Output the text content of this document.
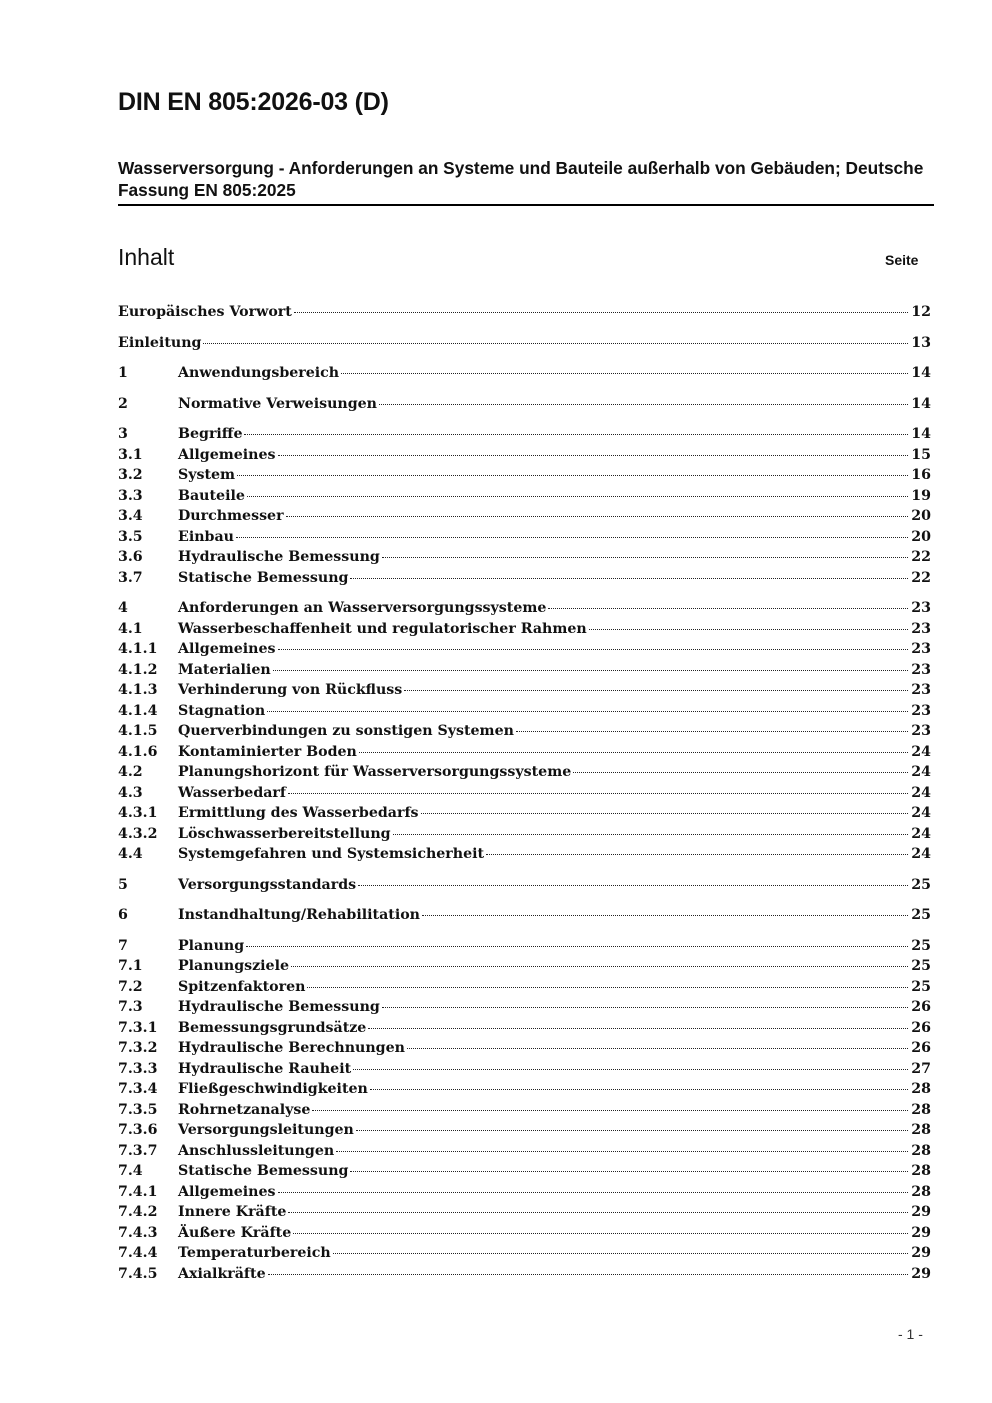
DIN EN 805:2026-03 (D)
Wasserversorgung - Anforderungen an Systeme und Bauteile außerhalb von Gebäuden; Deutsche Fassung EN 805:2025
Inhalt	Seite
Europäisches Vorwort	12
Einleitung	13
1	Anwendungsbereich	14
2	Normative Verweisungen	14
3	Begriffe	14
3.1	Allgemeines	15
3.2	System	16
3.3	Bauteile	19
3.4	Durchmesser	20
3.5	Einbau	20
3.6	Hydraulische Bemessung	22
3.7	Statische Bemessung	22
4	Anforderungen an Wasserversorgungssysteme	23
4.1	Wasserbeschaffenheit und regulatorischer Rahmen	23
4.1.1	Allgemeines	23
4.1.2	Materialien	23
4.1.3	Verhinderung von Rückfluss	23
4.1.4	Stagnation	23
4.1.5	Querverbindungen zu sonstigen Systemen	23
4.1.6	Kontaminierter Boden	24
4.2	Planungshorizont für Wasserversorgungssysteme	24
4.3	Wasserbedarf	24
4.3.1	Ermittlung des Wasserbedarfs	24
4.3.2	Löschwasserbereitstellung	24
4.4	Systemgefahren und Systemsicherheit	24
5	Versorgungsstandards	25
6	Instandhaltung/Rehabilitation	25
7	Planung	25
7.1	Planungsziele	25
7.2	Spitzenfaktoren	25
7.3	Hydraulische Bemessung	26
7.3.1	Bemessungsgrundsätze	26
7.3.2	Hydraulische Berechnungen	26
7.3.3	Hydraulische Rauheit	27
7.3.4	Fließgeschwindigkeiten	28
7.3.5	Rohrnetzanalyse	28
7.3.6	Versorgungsleitungen	28
7.3.7	Anschlussleitungen	28
7.4	Statische Bemessung	28
7.4.1	Allgemeines	28
7.4.2	Innere Kräfte	29
7.4.3	Äußere Kräfte	29
7.4.4	Temperaturbereich	29
7.4.5	Axialkräfte	29
- 1 -
